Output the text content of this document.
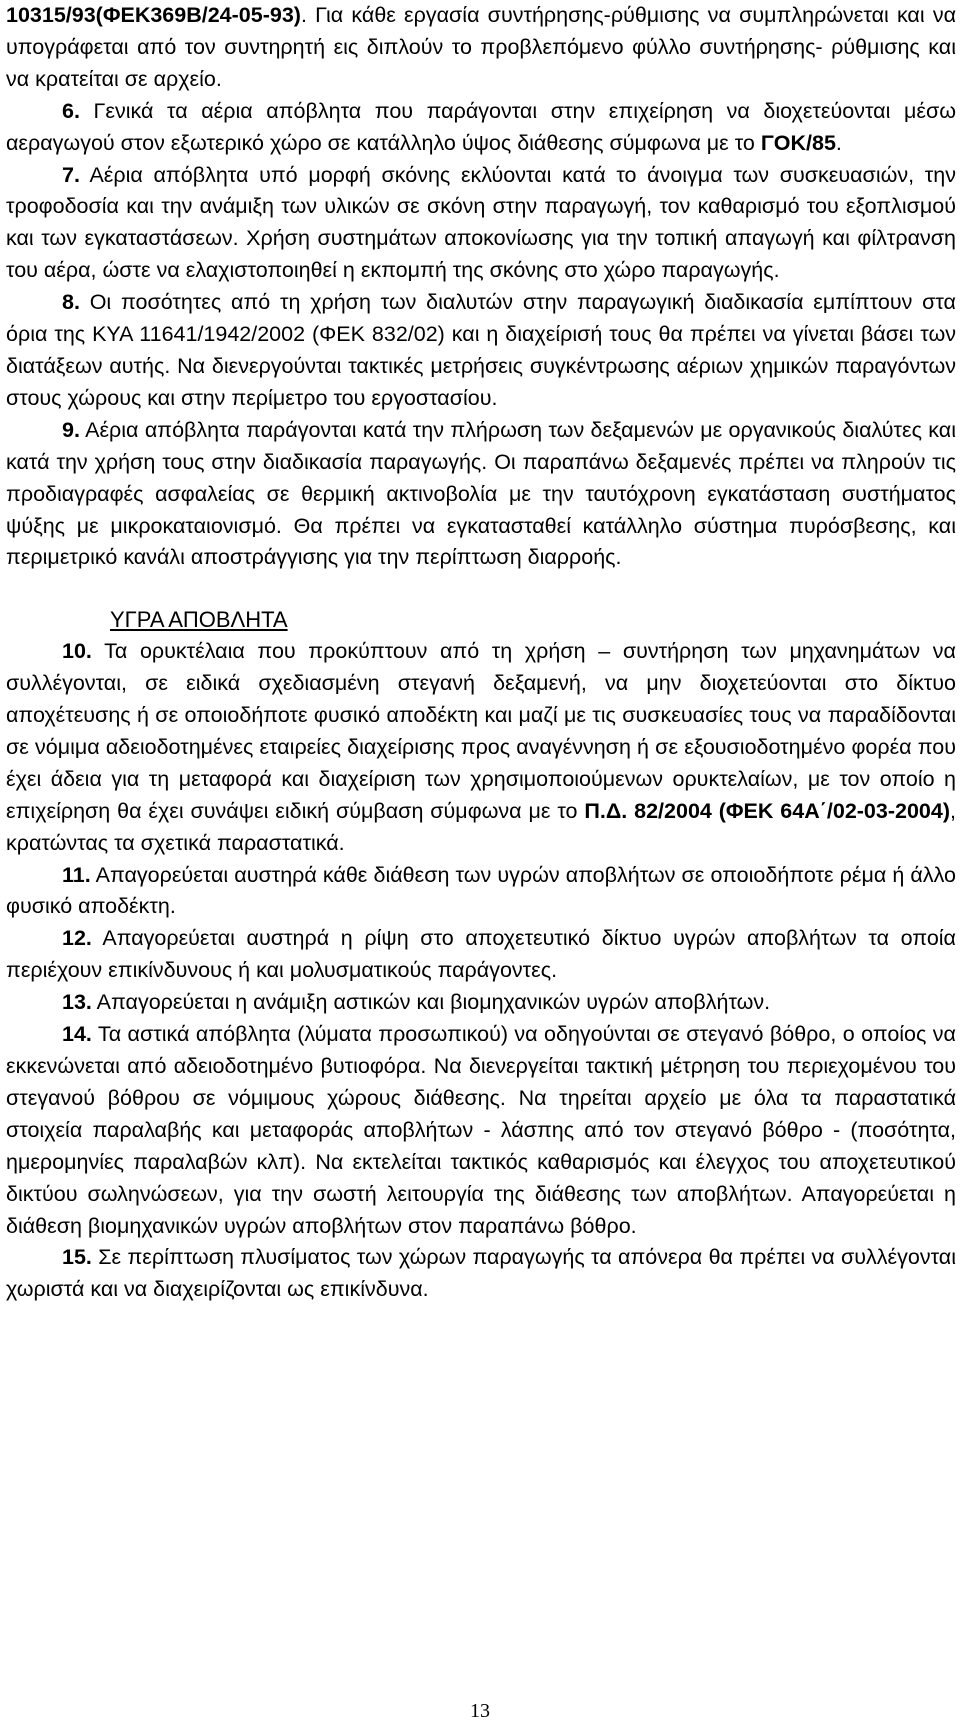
10315/93(ΦΕΚ369Β/24-05-93). Για κάθε εργασία συντήρησης-ρύθμισης να συμπληρώνεται και να υπογράφεται από τον συντηρητή εις διπλούν το προβλεπόμενο φύλλο συντήρησης- ρύθμισης και να κρατείται σε αρχείο.

6. Γενικά τα αέρια απόβλητα που παράγονται στην επιχείρηση να διοχετεύονται μέσω αεραγωγού στον εξωτερικό χώρο σε κατάλληλο ύψος διάθεσης σύμφωνα με το ΓΟΚ/85.

7. Αέρια απόβλητα υπό μορφή σκόνης εκλύονται κατά το άνοιγμα των συσκευασιών, την τροφοδοσία και την ανάμιξη των υλικών σε σκόνη στην παραγωγή, τον καθαρισμό του εξοπλισμού και των εγκαταστάσεων. Χρήση συστημάτων αποκονίωσης για την τοπική απαγωγή και φίλτρανση του αέρα, ώστε να ελαχιστοποιηθεί η εκπομπή της σκόνης στο χώρο παραγωγής.

8. Οι ποσότητες από τη χρήση των διαλυτών στην παραγωγική διαδικασία εμπίπτουν στα όρια της ΚΥΑ 11641/1942/2002 (ΦΕΚ 832/02) και η διαχείρισή τους θα πρέπει να γίνεται βάσει των διατάξεων αυτής. Να διενεργούνται τακτικές μετρήσεις συγκέντρωσης αέριων χημικών παραγόντων στους χώρους και στην περίμετρο του εργοστασίου.

9. Αέρια απόβλητα παράγονται κατά την πλήρωση των δεξαμενών με οργανικούς διαλύτες και κατά την χρήση τους στην διαδικασία παραγωγής. Οι παραπάνω δεξαμενές πρέπει να πληρούν τις προδιαγραφές ασφαλείας σε θερμική ακτινοβολία με την ταυτόχρονη εγκατάσταση συστήματος ψύξης με μικροκαταιονισμό. Θα πρέπει να εγκατασταθεί κατάλληλο σύστημα πυρόσβεσης, και περιμετρικό κανάλι αποστράγγισης για την περίπτωση διαρροής.

ΥΓΡΑ ΑΠΟΒΛΗΤΑ

10. Τα ορυκτέλαια που προκύπτουν από τη χρήση – συντήρηση των μηχανημάτων να συλλέγονται, σε ειδικά σχεδιασμένη στεγανή δεξαμενή, να μην διοχετεύονται στο δίκτυο αποχέτευσης ή σε οποιοδήποτε φυσικό αποδέκτη και μαζί με τις συσκευασίες τους να παραδίδονται σε νόμιμα αδειοδοτημένες εταιρείες διαχείρισης προς αναγέννηση ή σε εξουσιοδοτημένο φορέα που έχει άδεια για τη μεταφορά και διαχείριση των χρησιμοποιούμενων ορυκτελαίων, με τον οποίο η επιχείρηση θα έχει συνάψει ειδική σύμβαση σύμφωνα με το Π.Δ. 82/2004 (ΦΕΚ 64Α΄/02-03-2004), κρατώντας τα σχετικά παραστατικά.

11. Απαγορεύεται αυστηρά κάθε διάθεση των υγρών αποβλήτων σε οποιοδήποτε ρέμα ή άλλο φυσικό αποδέκτη.

12. Απαγορεύεται αυστηρά η ρίψη στο αποχετευτικό δίκτυο υγρών αποβλήτων τα οποία περιέχουν επικίνδυνους ή και μολυσματικούς παράγοντες.

13. Απαγορεύεται η ανάμιξη αστικών και βιομηχανικών υγρών αποβλήτων.

14. Τα αστικά απόβλητα (λύματα προσωπικού) να οδηγούνται σε στεγανό βόθρο, ο οποίος να εκκενώνεται από αδειοδοτημένο βυτιοφόρα. Να διενεργείται τακτική μέτρηση του περιεχομένου του στεγανού βόθρου σε νόμιμους χώρους διάθεσης. Να τηρείται αρχείο με όλα τα παραστατικά στοιχεία παραλαβής και μεταφοράς αποβλήτων - λάσπης από τον στεγανό βόθρο - (ποσότητα, ημερομηνίες παραλαβών κλπ). Να εκτελείται τακτικός καθαρισμός και έλεγχος του αποχετευτικού δικτύου σωληνώσεων, για την σωστή λειτουργία της διάθεσης των αποβλήτων. Απαγορεύεται η διάθεση βιομηχανικών υγρών αποβλήτων στον παραπάνω βόθρο.

15. Σε περίπτωση πλυσίματος των χώρων παραγωγής τα απόνερα θα πρέπει να συλλέγονται χωριστά και να διαχειρίζονται ως επικίνδυνα.

13
